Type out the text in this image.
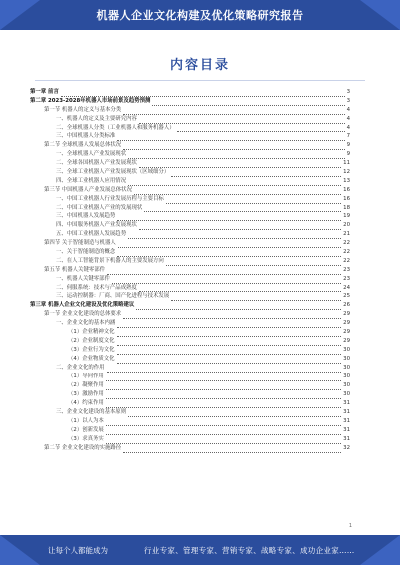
机器人企业文化构建及优化策略研究报告
内容目录
第一章 前言	3
第二章 2023-2028年机器人市场前景及趋势预测	3
第一节 机器人的定义与基本分类	4
一、机器人的定义及主要研究内容	4
二、全球机器人分类（工业机器人和服务机器人）	4
三、中国机器人分类标准	7
第二节 全球机器人发展总体状况	9
一、全球机器人产业发展现状	9
二、全球各国机器人产业发展现状	11
三、全球工业机器人产业发展现状（区域细分）	12
四、全球工业机器人应用情况	13
第三节 中国机器人产业发展总体状况	16
一、中国工业机器人行业发展历程与主要目标	16
二、中国工业机器人产业的发展现状	18
三、中国机器人发展趋势	19
四、中国服务机器人产业发展现状	20
五、中国工业机器人发展趋势	21
第四节 关于智能制造与机器人	22
一、关于智能制造的概念	22
二、在人工智能背景下机器人的主要发展方向	22
第五节 机器人关键零部件	23
一、机器人关键零部件	23
二、伺服系统：技术与产品成熟度	24
三、运动控制器：厂商、国产化进程与技术发展	25
第三章 机器人企业文化建设及优化策略建议	26
第一节 企业文化建设的总体要求	29
一、企业文化的基本内涵	29
（1）企业精神文化	29
（2）企业制度文化	29
（3）企业行为文化	30
（4）企业物质文化	30
二、企业文化的作用	30
（1）导向作用	30
（2）凝聚作用	30
（3）激励作用	30
（4）约束作用	31
三、企业文化建设的基本原则	31
（1）以人为本	31
（2）创新发展	31
（3）求真务实	31
第二节 企业文化建设的实施路径	32
1
让每个人都能成为	行业专家、管理专家、营销专家、战略专家、成功企业家……
